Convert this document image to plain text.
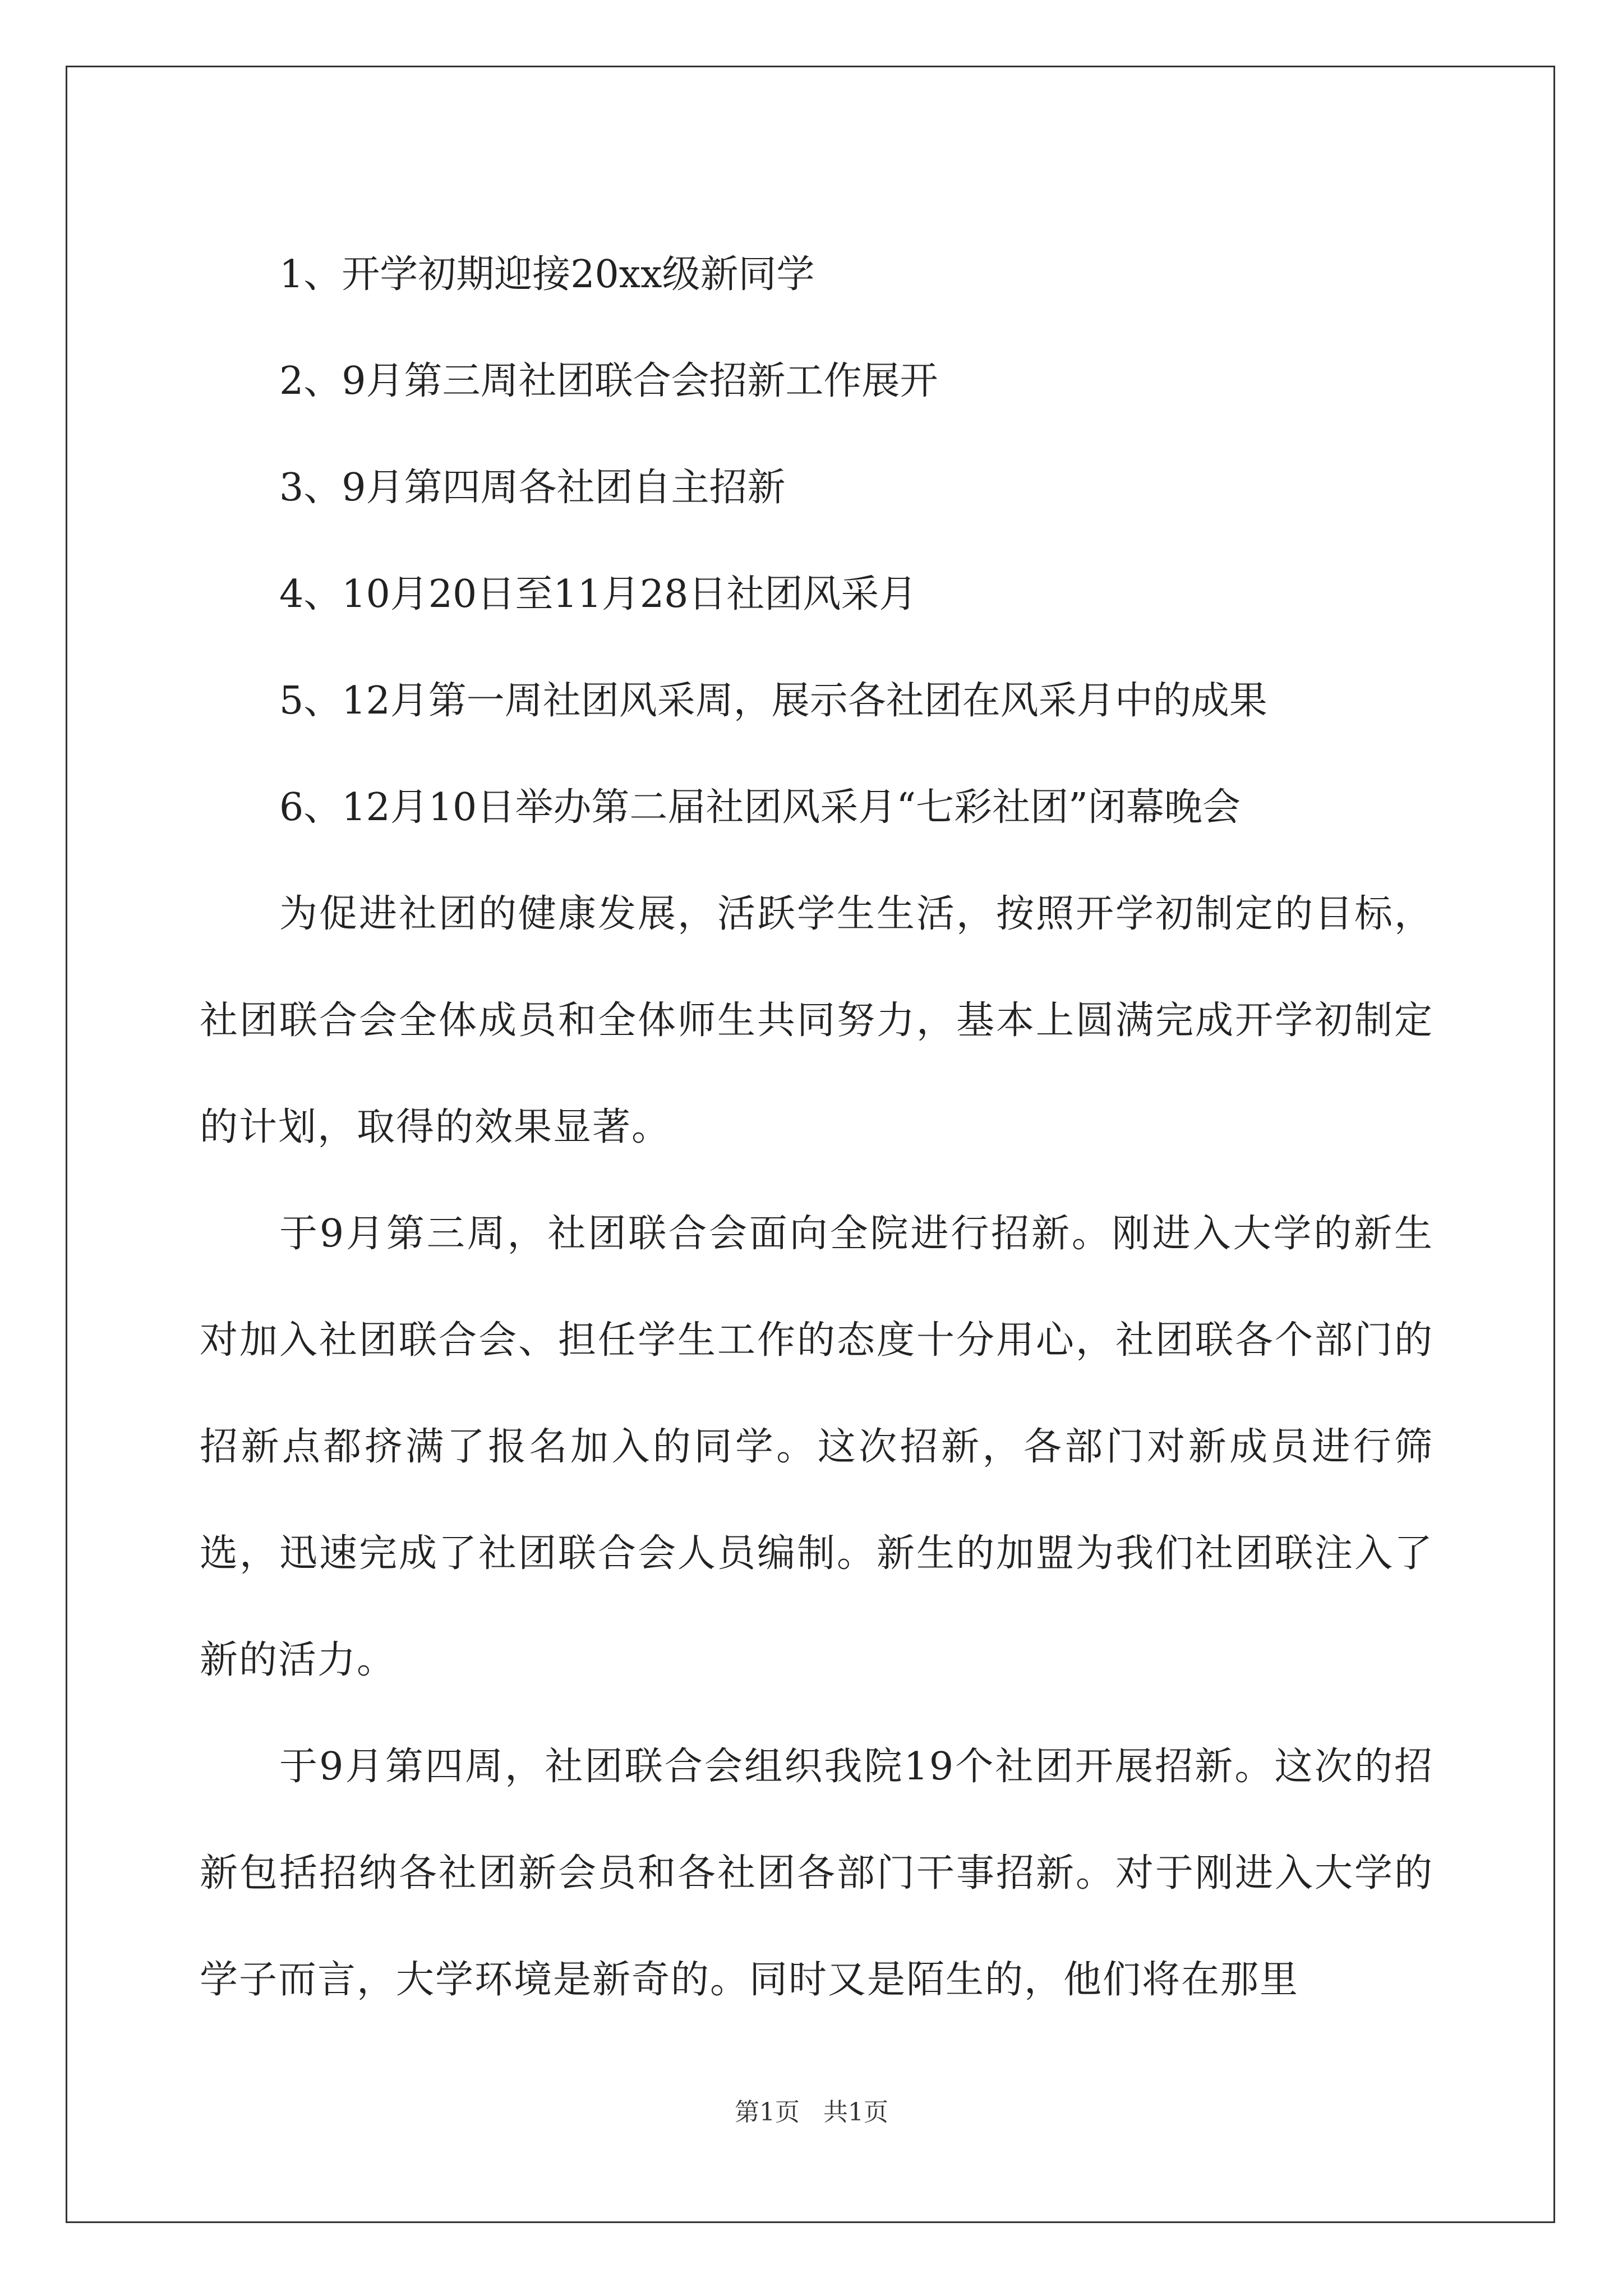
1、开学初期迎接20xx级新同学

2、9月第三周社团联合会招新工作展开

3、9月第四周各社团自主招新

4、10月20日至11月28日社团风采月

5、12月第一周社团风采周，展示各社团在风采月中的成果

6、12月10日举办第二届社团风采月“七彩社团”闭幕晚会

为促进社团的健康发展，活跃学生生活，按照开学初制定的目标，社团联合会全体成员和全体师生共同努力，基本上圆满完成开学初制定的计划，取得的效果显著。

于9月第三周，社团联合会面向全院进行招新。刚进入大学的新生对加入社团联合会、担任学生工作的态度十分用心，社团联各个部门的招新点都挤满了报名加入的同学。这次招新，各部门对新成员进行筛选，迅速完成了社团联合会人员编制。新生的加盟为我们社团联注入了新的活力。

于9月第四周，社团联合会组织我院19个社团开展招新。这次的招新包括招纳各社团新会员和各社团各部门干事招新。对于刚进入大学的学子而言，大学环境是新奇的。同时又是陌生的，他们将在那里

第1页   共1页
